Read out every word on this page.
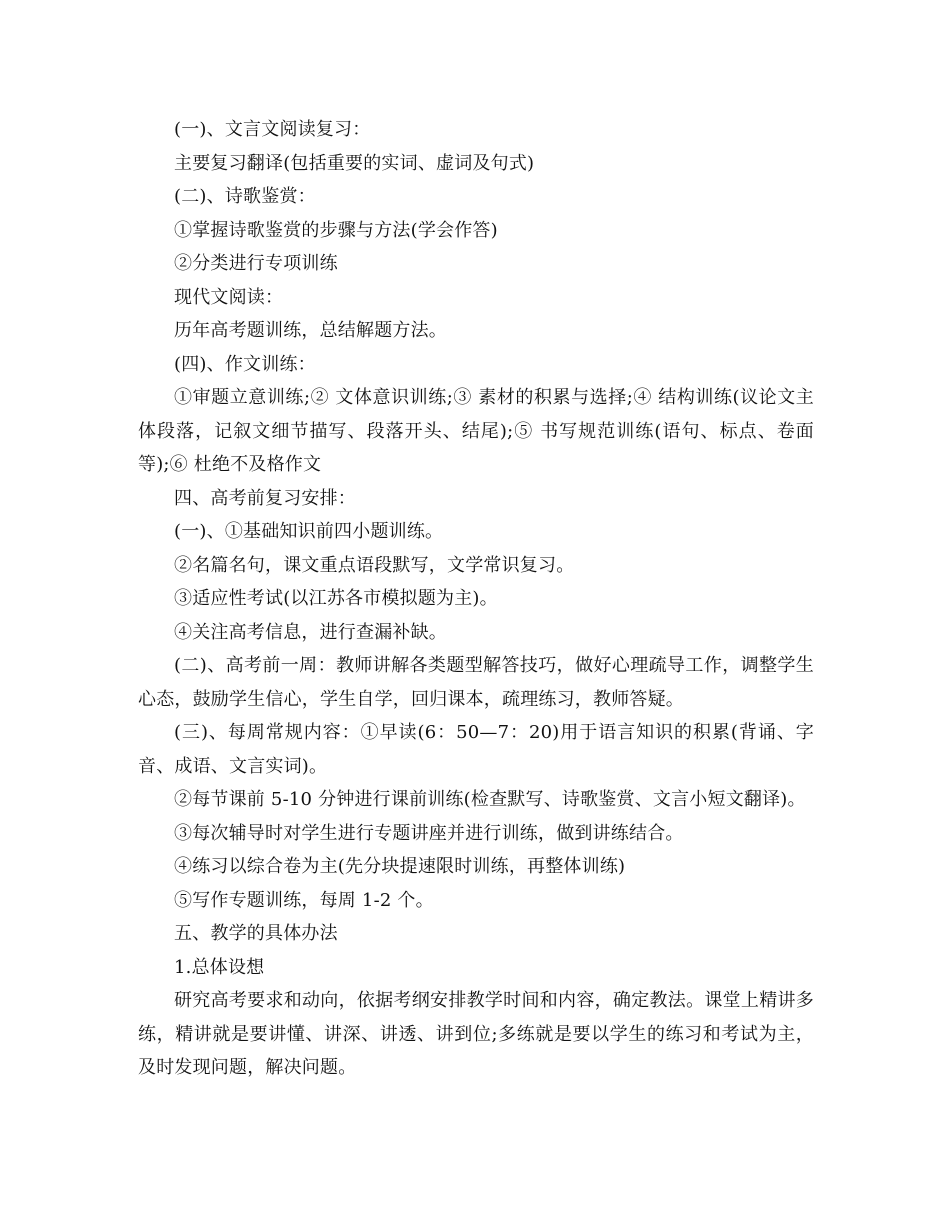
(一)、文言文阅读复习：

主要复习翻译(包括重要的实词、虚词及句式)

(二)、诗歌鉴赏：

①掌握诗歌鉴赏的步骤与方法(学会作答)

②分类进行专项训练

现代文阅读：

历年高考题训练，总结解题方法。

(四)、作文训练：

①审题立意训练;② 文体意识训练;③ 素材的积累与选择;④ 结构训练(议论文主体段落，记叙文细节描写、段落开头、结尾);⑤ 书写规范训练(语句、标点、卷面等);⑥ 杜绝不及格作文

四、高考前复习安排：

(一)、①基础知识前四小题训练。

②名篇名句，课文重点语段默写，文学常识复习。

③适应性考试(以江苏各市模拟题为主)。

④关注高考信息，进行查漏补缺。

(二)、高考前一周：教师讲解各类题型解答技巧，做好心理疏导工作，调整学生心态，鼓励学生信心，学生自学，回归课本，疏理练习，教师答疑。

(三)、每周常规内容：①早读(6：50—7：20)用于语言知识的积累(背诵、字音、成语、文言实词)。

②每节课前 5-10 分钟进行课前训练(检查默写、诗歌鉴赏、文言小短文翻译)。

③每次辅导时对学生进行专题讲座并进行训练，做到讲练结合。

④练习以综合卷为主(先分块提速限时训练，再整体训练)

⑤写作专题训练，每周 1-2 个。

五、教学的具体办法

1.总体设想

研究高考要求和动向，依据考纲安排教学时间和内容，确定教法。课堂上精讲多练，精讲就是要讲懂、讲深、讲透、讲到位;多练就是要以学生的练习和考试为主，及时发现问题，解决问题。
